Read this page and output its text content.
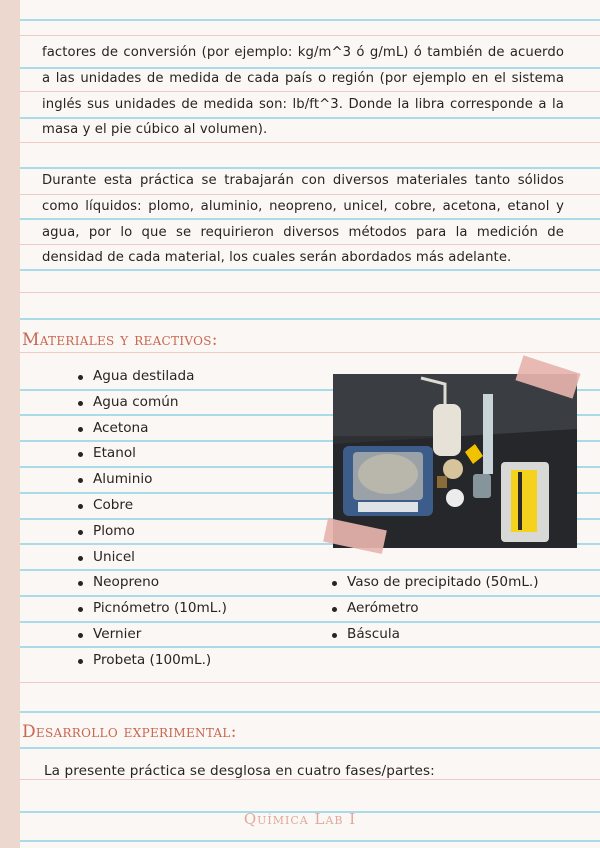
factores de conversión (por ejemplo: kg/m^3 ó g/mL) ó también de acuerdo a las unidades de medida de cada país o región (por ejemplo en el sistema inglés sus unidades de medida son: lb/ft^3. Donde la libra corresponde a la masa y el pie cúbico al volumen).

Durante esta práctica se trabajarán con diversos materiales tanto sólidos como líquidos: plomo, aluminio, neopreno, unicel, cobre, acetona, etanol y agua, por lo que se requirieron diversos métodos para la medición de densidad de cada material, los cuales serán abordados más adelante.

Materiales y reactivos:
Agua destilada
Agua común
Acetona
Etanol
Aluminio
Cobre
Plomo
Unicel
Neopreno
Picnómetro (10mL.)
Vernier
Probeta (100mL.)
Vaso de precipitado (50mL.)
Aerómetro
Báscula
Desarrollo experimental:

La presente práctica se desglosa en cuatro fases/partes:

Química Lab I
